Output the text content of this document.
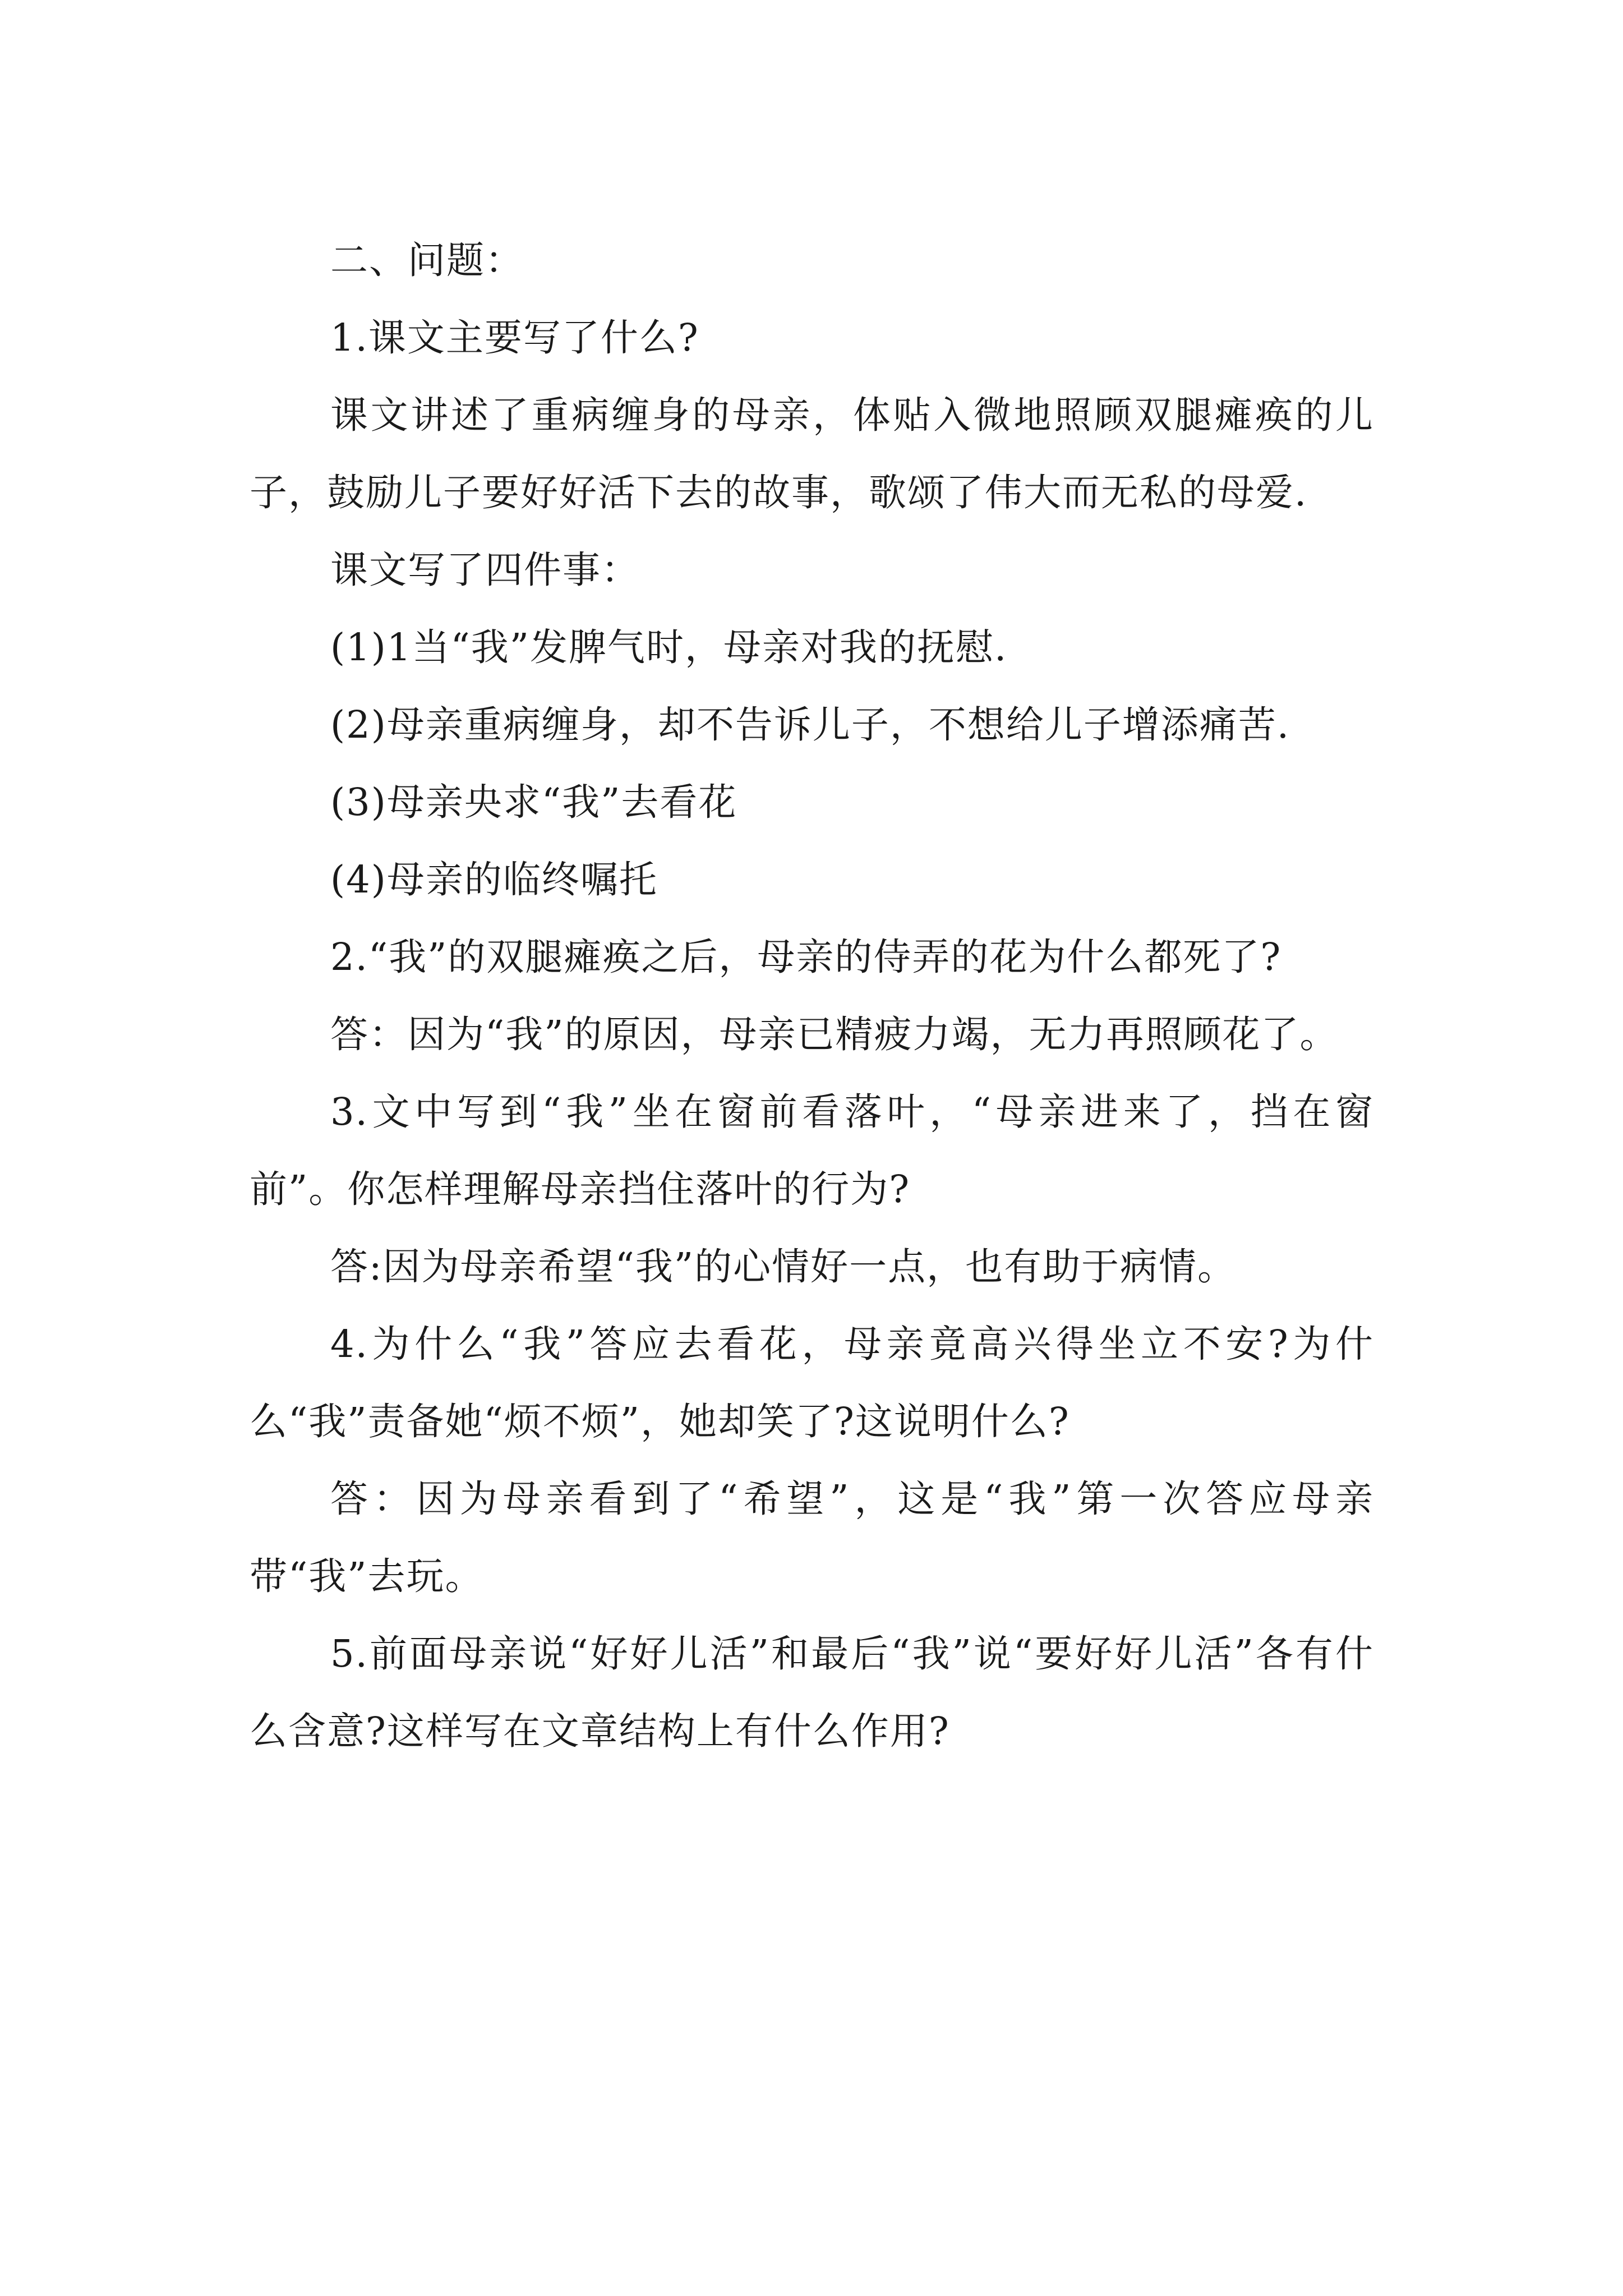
二、问题：

1.课文主要写了什么?

课文讲述了重病缠身的母亲，体贴入微地照顾双腿瘫痪的儿子，鼓励儿子要好好活下去的故事，歌颂了伟大而无私的母爱.

课文写了四件事：

(1)1当“我”发脾气时，母亲对我的抚慰.

(2)母亲重病缠身，却不告诉儿子，不想给儿子增添痛苦.

(3)母亲央求“我”去看花

(4)母亲的临终嘱托

2.“我”的双腿瘫痪之后，母亲的侍弄的花为什么都死了?

答：因为“我”的原因，母亲已精疲力竭，无力再照顾花了。

3.文中写到“我”坐在窗前看落叶，“母亲进来了，挡在窗前”。你怎样理解母亲挡住落叶的行为?

答:因为母亲希望“我”的心情好一点，也有助于病情。

4.为什么“我”答应去看花，母亲竟高兴得坐立不安?为什么“我”责备她“烦不烦”，她却笑了?这说明什么?

答：因为母亲看到了“希望”，这是“我”第一次答应母亲带“我”去玩。

5.前面母亲说“好好儿活”和最后“我”说“要好好儿活”各有什么含意?这样写在文章结构上有什么作用?
